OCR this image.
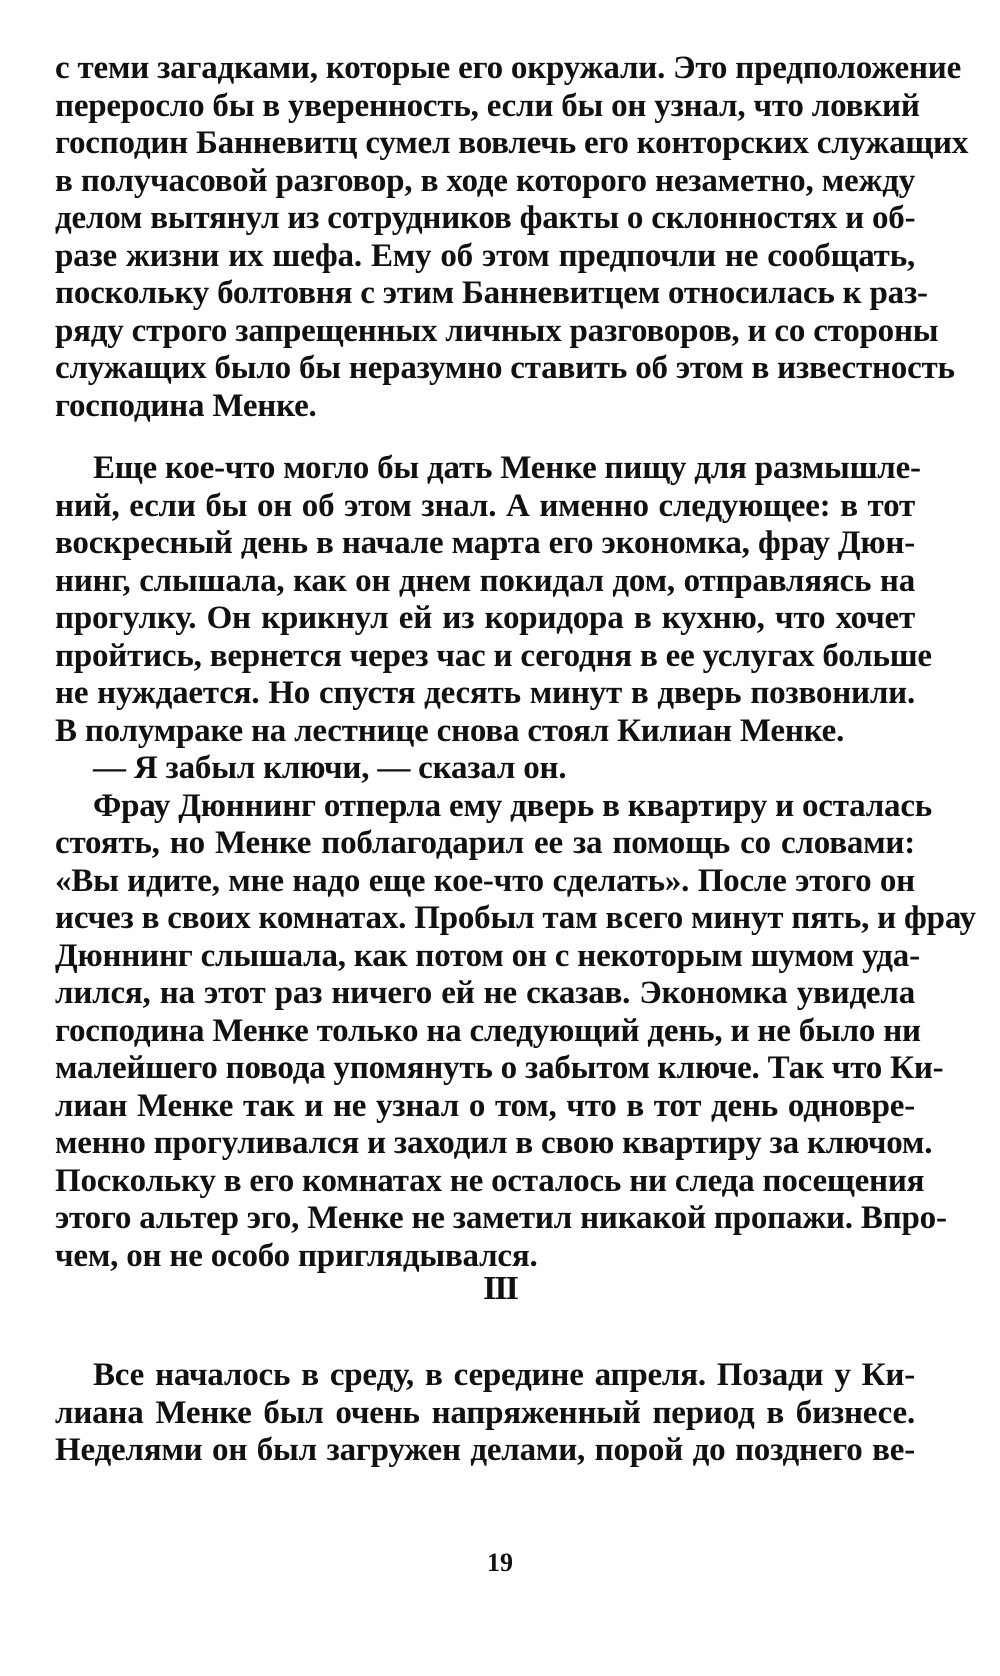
с теми загадками, которые его окружали. Это предположение
переросло бы в уверенность, если бы он узнал, что ловкий
господин Банневитц сумел вовлечь его конторских служащих
в получасовой разговор, в ходе которого незаметно, между
делом вытянул из сотрудников факты о склонностях и об-
разе жизни их шефа. Ему об этом предпочли не сообщать,
поскольку болтовня с этим Банневитцем относилась к раз-
ряду строго запрещенных личных разговоров, и со стороны
служащих было бы неразумно ставить об этом в известность
господина Менке.
Еще кое-что могло бы дать Менке пищу для размышле-
ний, если бы он об этом знал. А именно следующее: в тот
воскресный день в начале марта его экономка, фрау Дюн-
нинг, слышала, как он днем покидал дом, отправляясь на
прогулку. Он крикнул ей из коридора в кухню, что хочет
пройтись, вернется через час и сегодня в ее услугах больше
не нуждается. Но спустя десять минут в дверь позвонили.
В полумраке на лестнице снова стоял Килиан Менке.
— Я забыл ключи, — сказал он.
Фрау Дюннинг отперла ему дверь в квартиру и осталась
стоять, но Менке поблагодарил ее за помощь со словами:
«Вы идите, мне надо еще кое-что сделать». После этого он
исчез в своих комнатах. Пробыл там всего минут пять, и фрау
Дюннинг слышала, как потом он с некоторым шумом уда-
лился, на этот раз ничего ей не сказав. Экономка увидела
господина Менке только на следующий день, и не было ни
малейшего повода упомянуть о забытом ключе. Так что Ки-
лиан Менке так и не узнал о том, что в тот день одновре-
менно прогуливался и заходил в свою квартиру за ключом.
Поскольку в его комнатах не осталось ни следа посещения
этого альтер эго, Менке не заметил никакой пропажи. Впро-
чем, он не особо приглядывался.
III
Все началось в среду, в середине апреля. Позади у Ки-
лиана Менке был очень напряженный период в бизнесе.
Неделями он был загружен делами, порой до позднего ве-
19
